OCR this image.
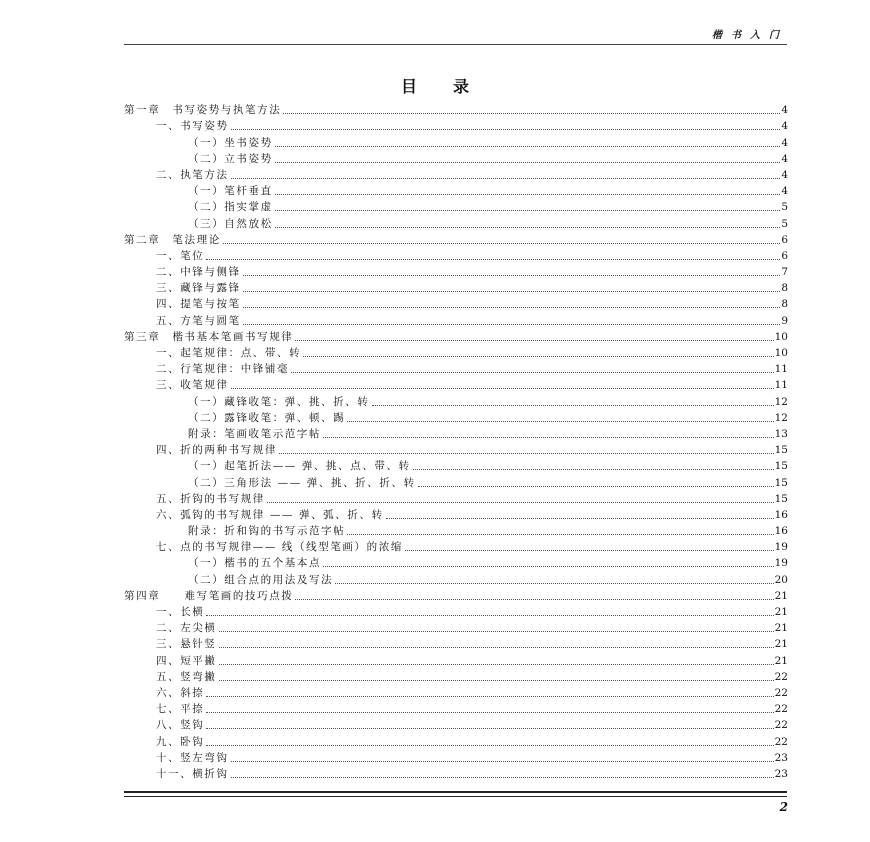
楷书入门
目录
第一章　书写姿势与执笔方法	4
一、书写姿势	4
（一）坐书姿势	4
（二）立书姿势	4
二、执笔方法	4
（一）笔杆垂直	4
（二）指实掌虚	5
（三）自然放松	5
第二章　笔法理论	6
一、笔位	6
二、中锋与侧锋	7
三、藏锋与露锋	8
四、提笔与按笔	8
五、方笔与圆笔	9
第三章　楷书基本笔画书写规律	10
一、起笔规律：点、带、转	10
二、行笔规律：中锋铺毫	11
三、收笔规律	11
（一）藏锋收笔：弹、挑、折、转	12
（二）露锋收笔：弹、顿、踢	12
附录：笔画收笔示范字帖	13
四、折的两种书写规律	15
（一）起笔折法—— 弹、挑、点、带、转	15
（二）三角形法 —— 弹、挑、折、折、转	15
五、折钩的书写规律	15
六、弧钩的书写规律 —— 弹、弧、折、转	16
附录：折和钩的书写示范字帖	16
七、点的书写规律—— 线（线型笔画）的浓缩	19
（一）楷书的五个基本点	19
（二）组合点的用法及写法	20
第四章　　难写笔画的技巧点拨	21
一、长横	21
二、左尖横	21
三、悬针竖	21
四、短平撇	21
五、竖弯撇	22
六、斜捺	22
七、平捺	22
八、竖钩	22
九、卧钩	22
十、竖左弯钩	23
十一、横折钩	23
2
